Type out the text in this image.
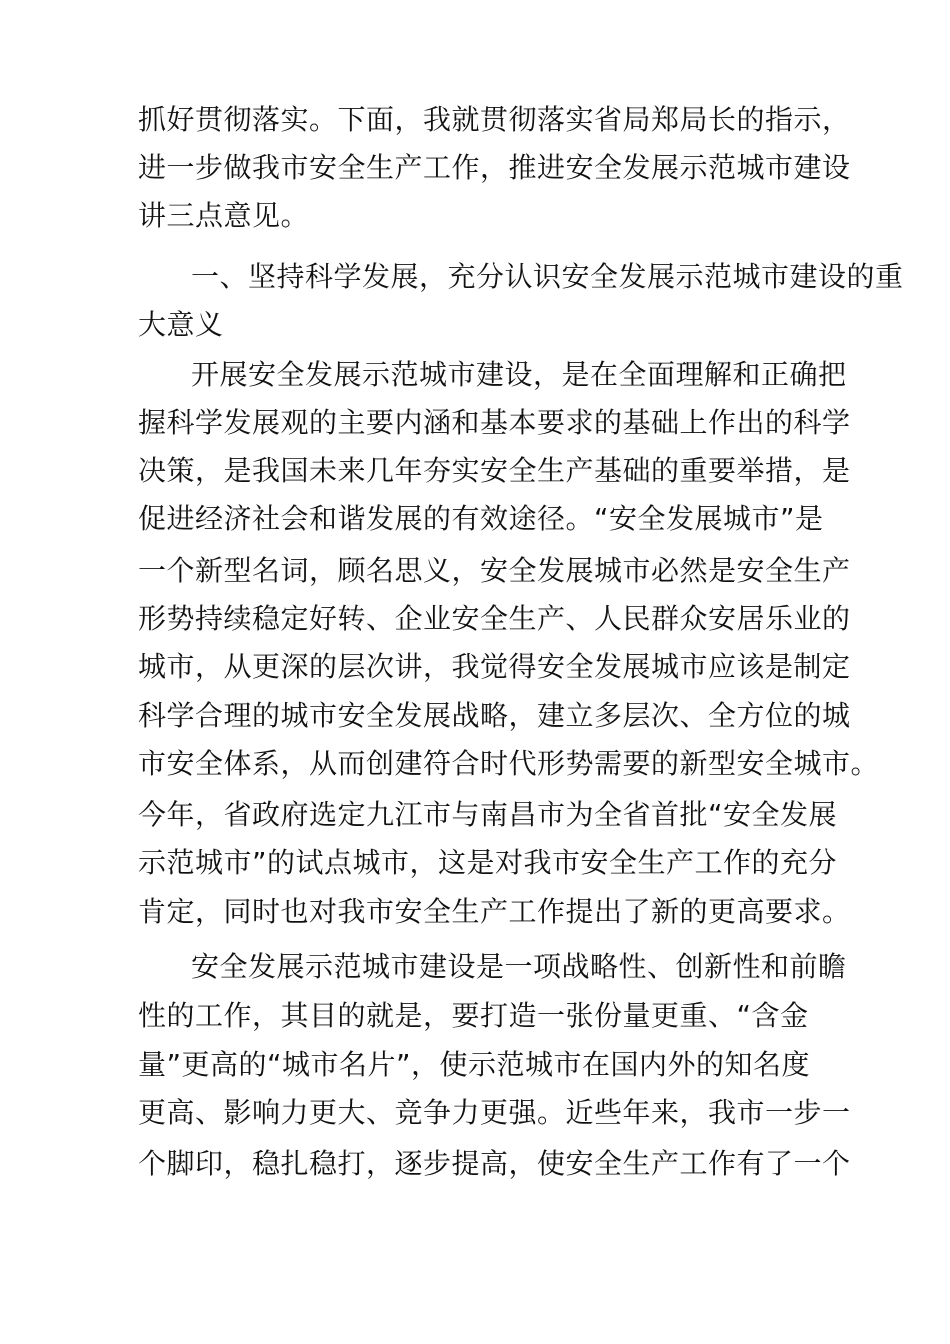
抓好贯彻落实。下面，我就贯彻落实省局郑局长的指示，
进一步做我市安全生产工作，推进安全发展示范城市建设
讲三点意见。
一、坚持科学发展，充分认识安全发展示范城市建设的重
大意义
开展安全发展示范城市建设，是在全面理解和正确把
握科学发展观的主要内涵和基本要求的基础上作出的科学
决策，是我国未来几年夯实安全生产基础的重要举措，是
促进经济社会和谐发展的有效途径。“安全发展城市”是
一个新型名词，顾名思义，安全发展城市必然是安全生产
形势持续稳定好转、企业安全生产、人民群众安居乐业的
城市，从更深的层次讲，我觉得安全发展城市应该是制定
科学合理的城市安全发展战略，建立多层次、全方位的城
市安全体系，从而创建符合时代形势需要的新型安全城市。
今年，省政府选定九江市与南昌市为全省首批“安全发展
示范城市”的试点城市，这是对我市安全生产工作的充分
肯定，同时也对我市安全生产工作提出了新的更高要求。
安全发展示范城市建设是一项战略性、创新性和前瞻
性的工作，其目的就是，要打造一张份量更重、“含金
量”更高的“城市名片”，使示范城市在国内外的知名度
更高、影响力更大、竞争力更强。近些年来，我市一步一
个脚印，稳扎稳打，逐步提高，使安全生产工作有了一个
